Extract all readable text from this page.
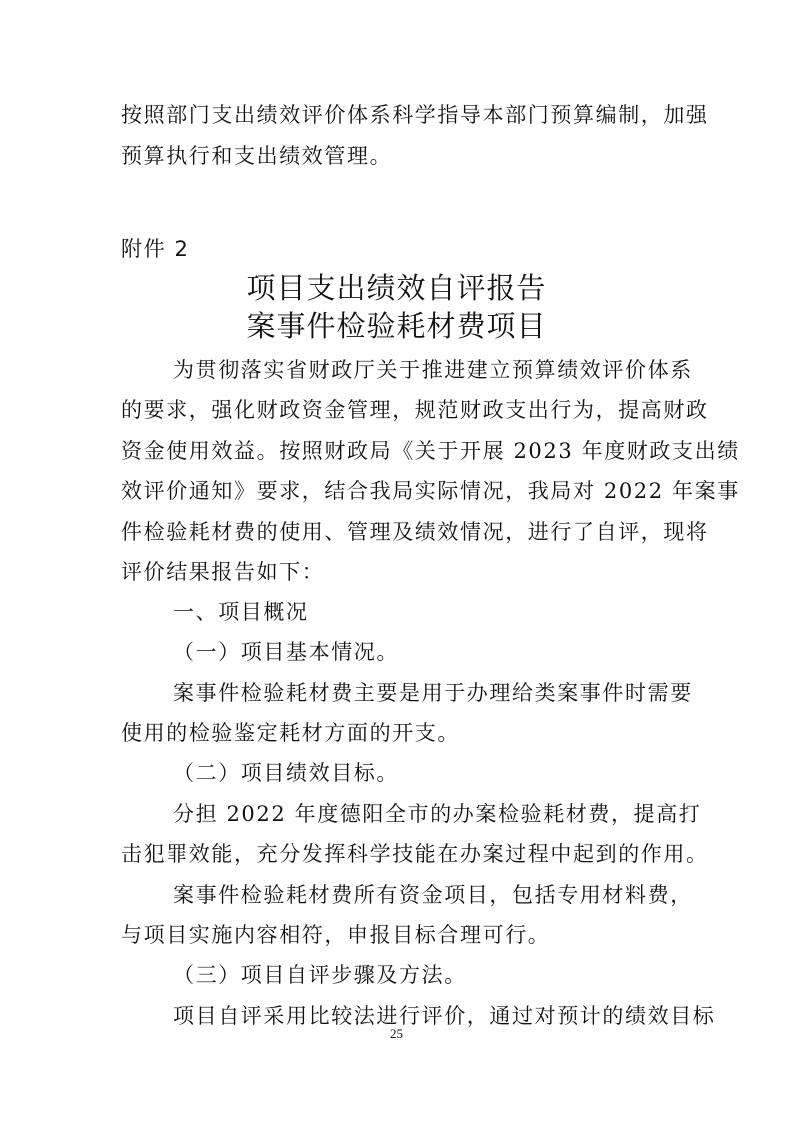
按照部门支出绩效评价体系科学指导本部门预算编制，加强
预算执行和支出绩效管理。
附件 2
项目支出绩效自评报告
案事件检验耗材费项目
为贯彻落实省财政厅关于推进建立预算绩效评价体系
的要求，强化财政资金管理，规范财政支出行为，提高财政
资金使用效益。按照财政局《关于开展 2023 年度财政支出绩
效评价通知》要求，结合我局实际情况，我局对 2022 年案事
件检验耗材费的使用、管理及绩效情况，进行了自评，现将
评价结果报告如下：
一、项目概况
（一）项目基本情况。
案事件检验耗材费主要是用于办理给类案事件时需要
使用的检验鉴定耗材方面的开支。
（二）项目绩效目标。
分担 2022 年度德阳全市的办案检验耗材费，提高打
击犯罪效能，充分发挥科学技能在办案过程中起到的作用。
案事件检验耗材费所有资金项目，包括专用材料费，
与项目实施内容相符，申报目标合理可行。
（三）项目自评步骤及方法。
项目自评采用比较法进行评价，通过对预计的绩效目标
25
